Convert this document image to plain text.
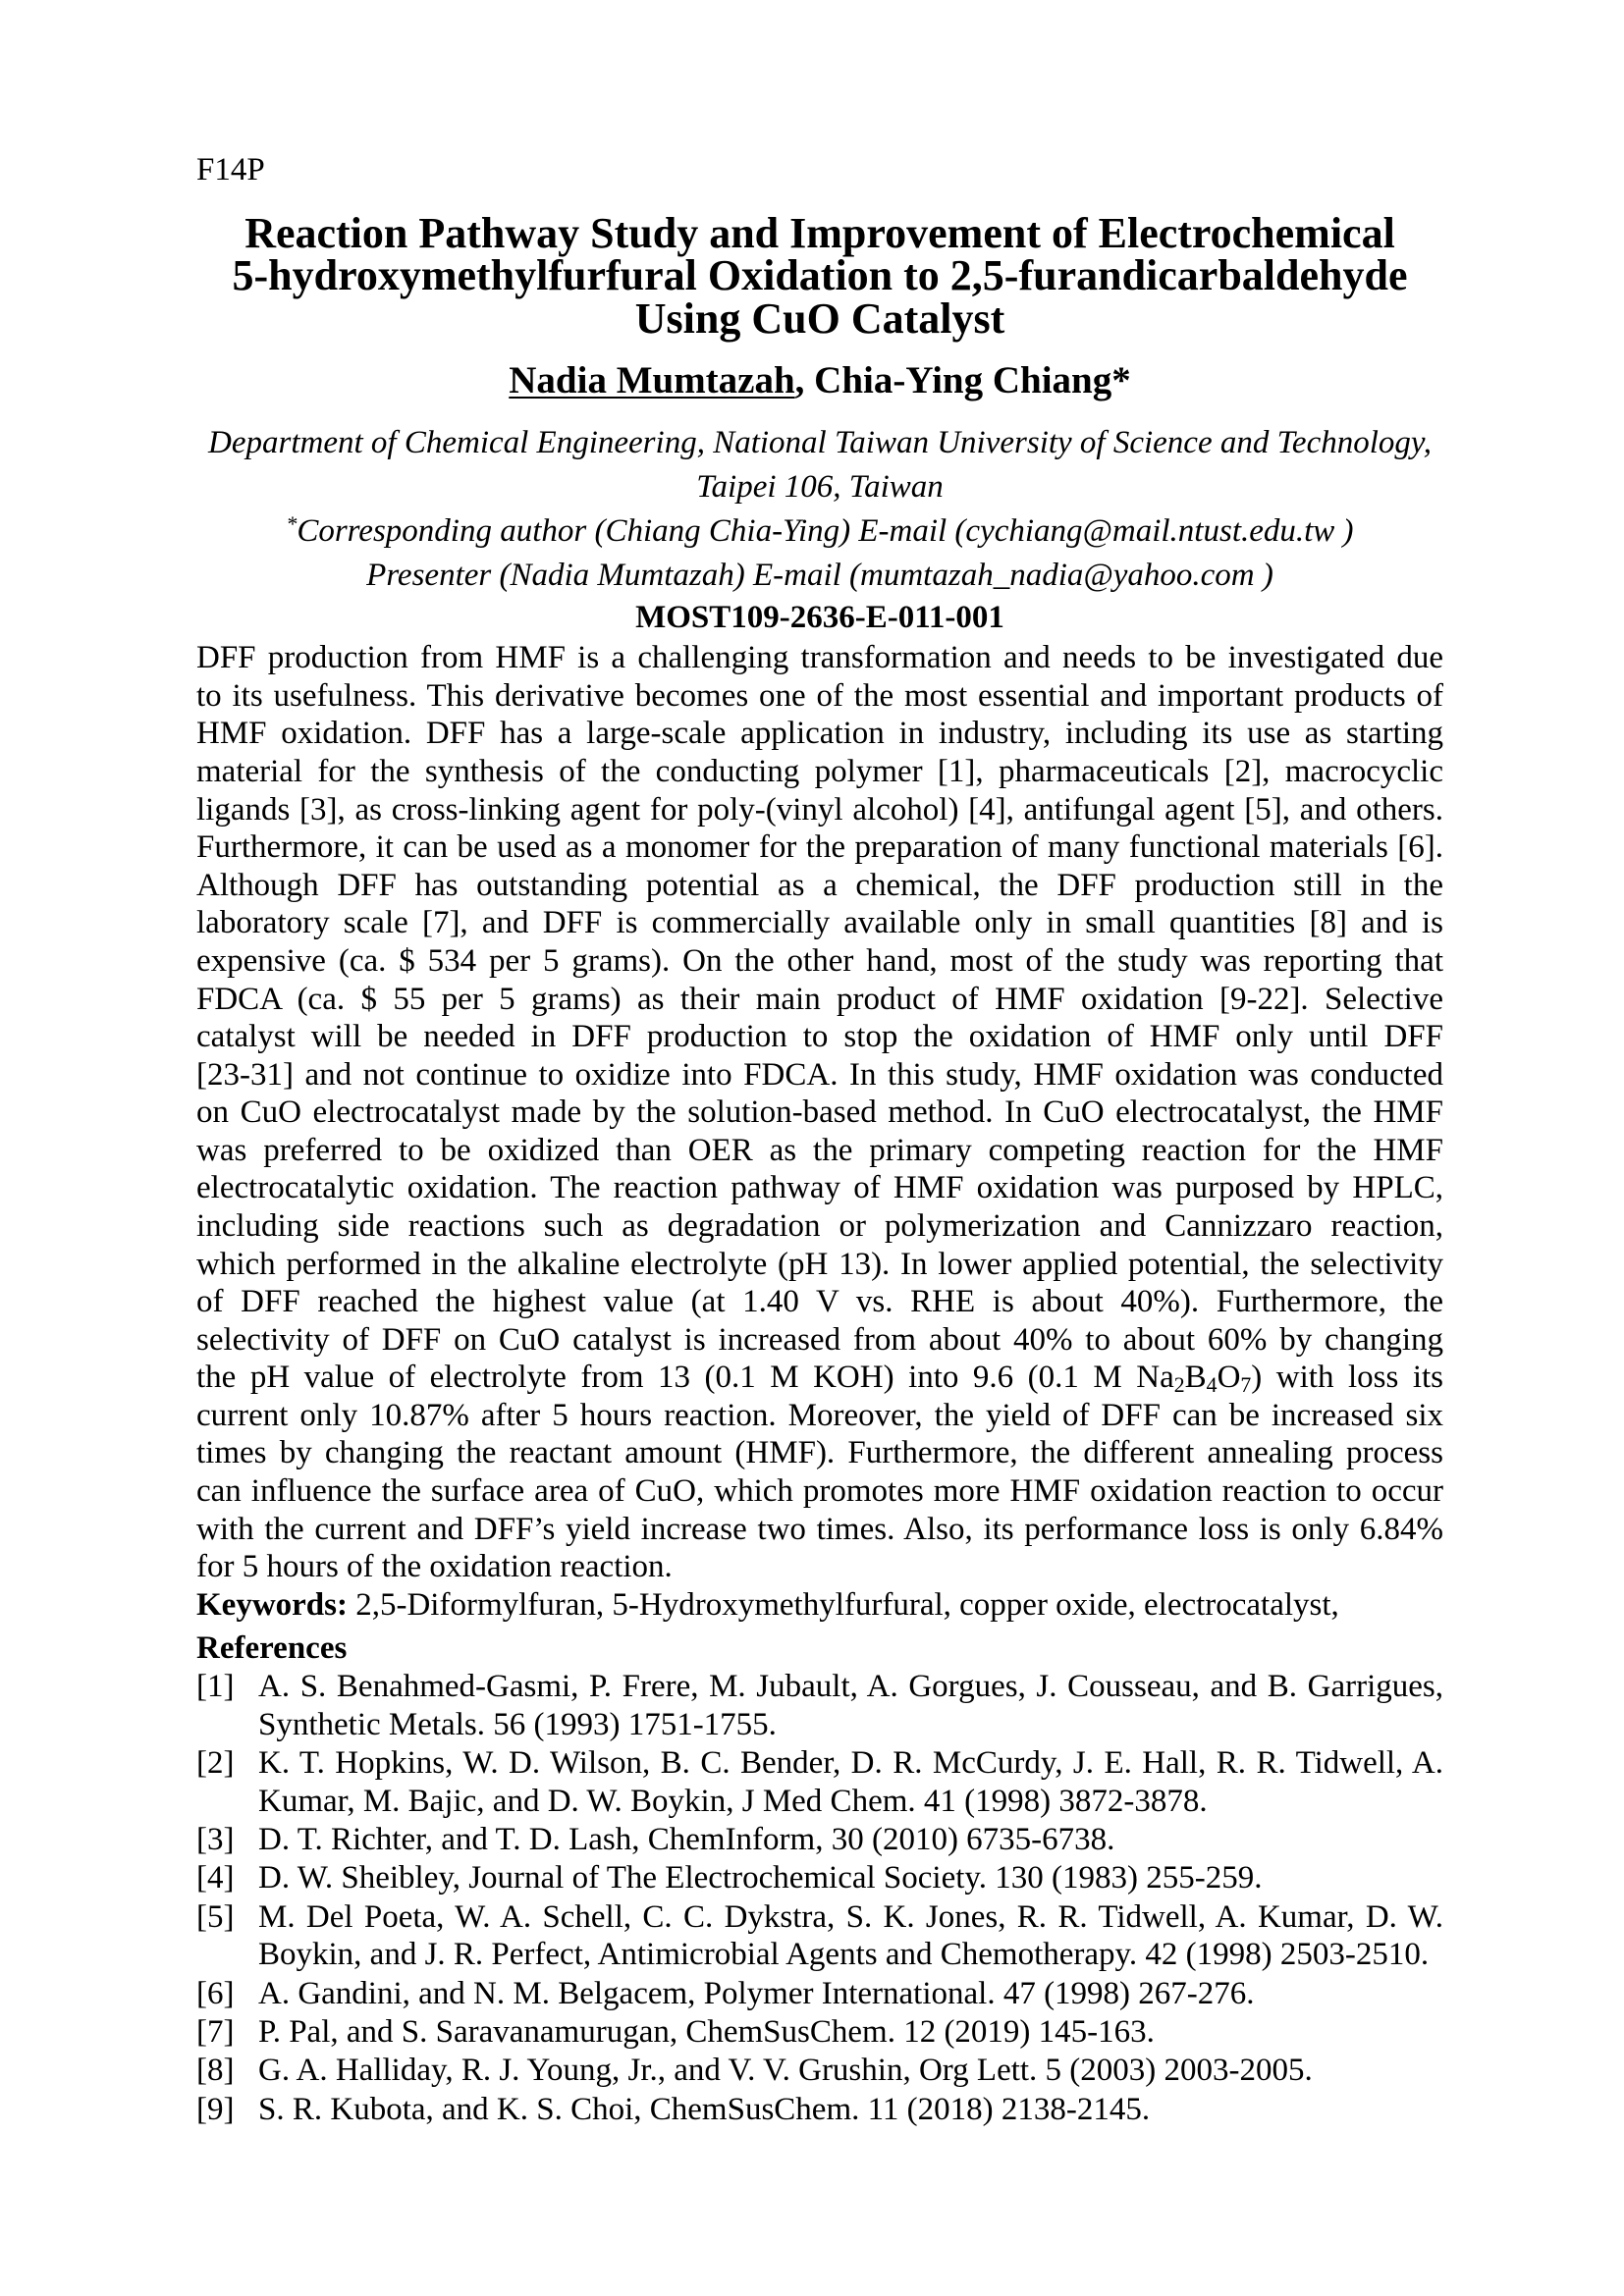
F14P
Reaction Pathway Study and Improvement of Electrochemical
5-hydroxymethylfurfural Oxidation to 2,5-furandicarbaldehyde
Using CuO Catalyst
Nadia Mumtazah, Chia-Ying Chiang*
Department of Chemical Engineering, National Taiwan University of Science and Technology,
Taipei 106, Taiwan
*Corresponding author (Chiang Chia-Ying) E-mail (cychiang@mail.ntust.edu.tw )
Presenter (Nadia Mumtazah) E-mail (mumtazah_nadia@yahoo.com )
MOST109-2636-E-011-001
DFF production from HMF is a challenging transformation and needs to be investigated due
to its usefulness. This derivative becomes one of the most essential and important products of
HMF oxidation. DFF has a large-scale application in industry, including its use as starting
material for the synthesis of the conducting polymer [1], pharmaceuticals [2], macrocyclic
ligands [3], as cross-linking agent for poly-(vinyl alcohol) [4], antifungal agent [5], and others.
Furthermore, it can be used as a monomer for the preparation of many functional materials [6].
Although DFF has outstanding potential as a chemical, the DFF production still in the
laboratory scale [7], and DFF is commercially available only in small quantities [8] and is
expensive (ca. $ 534 per 5 grams). On the other hand, most of the study was reporting that
FDCA (ca. $ 55 per 5 grams) as their main product of HMF oxidation [9-22]. Selective
catalyst will be needed in DFF production to stop the oxidation of HMF only until DFF
[23-31] and not continue to oxidize into FDCA. In this study, HMF oxidation was conducted
on CuO electrocatalyst made by the solution-based method. In CuO electrocatalyst, the HMF
was preferred to be oxidized than OER as the primary competing reaction for the HMF
electrocatalytic oxidation. The reaction pathway of HMF oxidation was purposed by HPLC,
including side reactions such as degradation or polymerization and Cannizzaro reaction,
which performed in the alkaline electrolyte (pH 13). In lower applied potential, the selectivity
of DFF reached the highest value (at 1.40 V vs. RHE is about 40%). Furthermore, the
selectivity of DFF on CuO catalyst is increased from about 40% to about 60% by changing
the pH value of electrolyte from 13 (0.1 M KOH) into 9.6 (0.1 M $Na_2B_4O_7$) with loss its
current only 10.87% after 5 hours reaction. Moreover, the yield of DFF can be increased six
times by changing the reactant amount (HMF). Furthermore, the different annealing process
can influence the surface area of CuO, which promotes more HMF oxidation reaction to occur
with the current and DFF’s yield increase two times. Also, its performance loss is only 6.84%
for 5 hours of the oxidation reaction.
Keywords: 2,5-Diformylfuran, 5-Hydroxymethylfurfural, copper oxide, electrocatalyst,
References
[1] A. S. Benahmed-Gasmi, P. Frere, M. Jubault, A. Gorgues, J. Cousseau, and B. Garrigues,
Synthetic Metals. 56 (1993) 1751-1755.
[2] K. T. Hopkins, W. D. Wilson, B. C. Bender, D. R. McCurdy, J. E. Hall, R. R. Tidwell, A.
Kumar, M. Bajic, and D. W. Boykin, J Med Chem. 41 (1998) 3872-3878.
[3] D. T. Richter, and T. D. Lash, ChemInform, 30 (2010) 6735-6738.
[4] D. W. Sheibley, Journal of The Electrochemical Society. 130 (1983) 255-259.
[5] M. Del Poeta, W. A. Schell, C. C. Dykstra, S. K. Jones, R. R. Tidwell, A. Kumar, D. W.
Boykin, and J. R. Perfect, Antimicrobial Agents and Chemotherapy. 42 (1998) 2503-2510.
[6] A. Gandini, and N. M. Belgacem, Polymer International. 47 (1998) 267-276.
[7] P. Pal, and S. Saravanamurugan, ChemSusChem. 12 (2019) 145-163.
[8] G. A. Halliday, R. J. Young, Jr., and V. V. Grushin, Org Lett. 5 (2003) 2003-2005.
[9] S. R. Kubota, and K. S. Choi, ChemSusChem. 11 (2018) 2138-2145.
